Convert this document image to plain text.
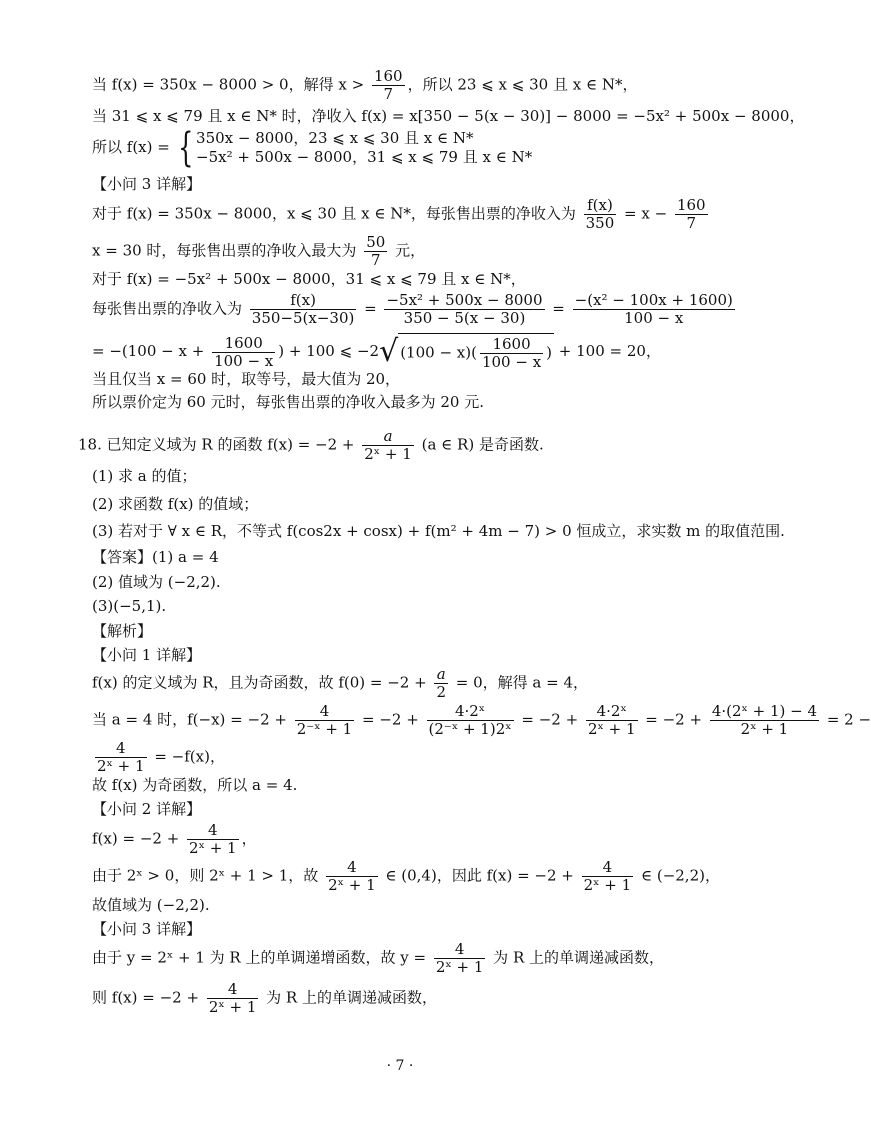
当 f(x) = 350x − 8000 > 0，解得 $x > \frac{160}{7}$ ，所以 23 ⩽ x ⩽ 30 且 x ∈ N*，
当 31 ⩽ x ⩽ 79 且 x ∈ N* 时，净收入 f(x) = x[350 − 5(x − 30)] − 8000 = −5x² + 500x − 8000，
所以 f(x) = { 350x − 8000，23 ⩽ x ⩽ 30 且 x ∈ N*
−5x² + 500x − 8000，31 ⩽ x ⩽ 79 且 x ∈ N*
【小问 3 详解】
对于 f(x) = 350x − 8000，x ⩽ 30 且 x ∈ N*，每张售出票的净收入为 $\frac{f(x)}{350} = x - \frac{160}{7}$
x = 30 时，每张售出票的净收入最大为 $\frac{50}{7}$ 元，
对于 f(x) = −5x² + 500x − 8000，31 ⩽ x ⩽ 79 且 x ∈ N*，
每张售出票的净收入为 $\frac{f(x)}{350-5(x-30)} = \frac{\text{−5x² + 500x − 8000}}{350 - 5(x - 30)} = \frac{\text{−(x² − 100x + 1600)}}{100 - x}$
= $-(100 - x + \frac{1600}{100 - x}$ ) + 100 ⩽ −2√ $(100 - x)( \frac{1600}{100 - x}$ ) + 100 = 20，
当且仅当 x = 60 时，取等号，最大值为 20，
所以票价定为 60 元时，每张售出票的净收入最多为 20 元.
18. 已知定义域为 R 的函数 $f(x) = -2 + \frac{a}{\text{2ˣ + 1}} (a$ ∈ R) 是奇函数.
(1) 求 a 的值；
(2) 求函数 f(x) 的值域；
(3) 若对于 ∀ x ∈ R，不等式 f(cos2x + cosx) + f(m² + 4m − 7) > 0 恒成立，求实数 m 的取值范围.
【答案】(1) a = 4
(2) 值域为 (−2,2).
(3)(−5,1).
【解析】
【小问 1 详解】
f(x) 的定义域为 R，且为奇函数，故 $f(0) = -2 + \frac{a}{2} = 0$，解得 a = 4，
当 a = 4 时，$f(-x) = -2 + \frac{4}{\text{2⁻ˣ + 1}} = -2 + \frac{\text{4·2ˣ}}{\text{(2⁻ˣ + 1)2ˣ}} = -2 + \frac{\text{4·2ˣ}}{\text{2ˣ + 1}} = -2 + \frac{\text{4·(2ˣ + 1) − 4}}{\text{2ˣ + 1}} = 2$ −
$\frac{4}{\text{2ˣ + 1}} = -f(x)$，
故 f(x) 为奇函数，所以 a = 4.
【小问 2 详解】
$f(x) = -2 + \frac{4}{\text{2ˣ + 1}}$ ，
由于 2ˣ > 0，则 2ˣ + 1 > 1，故 $\frac{4}{\text{2ˣ + 1}}$ ∈ (0,4)，因此 $f(x) = -2 + \frac{4}{\text{2ˣ + 1}}$ ∈ (−2,2)，
故值域为 (−2,2).
【小问 3 详解】
由于 y = 2ˣ + 1 为 R 上的单调递增函数，故 $y = \frac{4}{\text{2ˣ + 1}}$ 为 R 上的单调递减函数，
则 $f(x) = -2 + \frac{4}{\text{2ˣ + 1}}$ 为 R 上的单调递减函数，
· 7 ·
